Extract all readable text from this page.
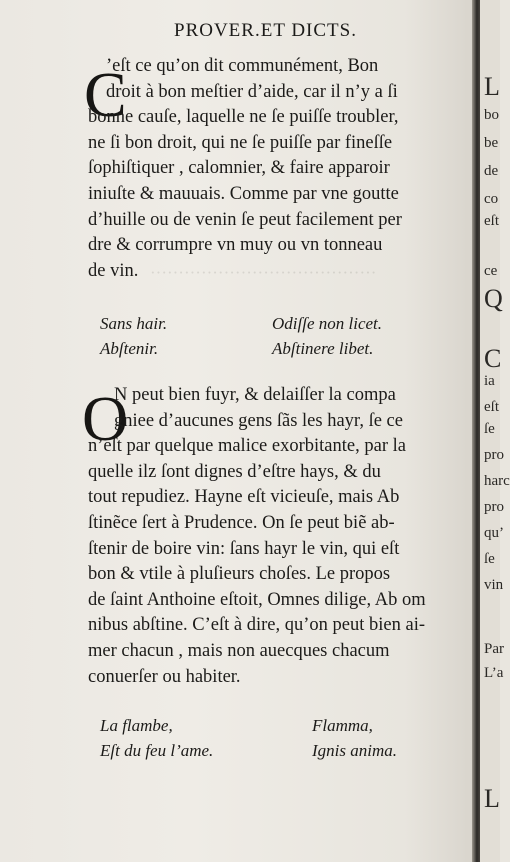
········································
PROVER.ET DICTS.
C
’eſt ce qu’on dit communément, Bon
droit à bon meſtier d’aide, car il n’y a ſi
bonne cauſe, laquelle ne ſe puiſſe troubler,
ne ſi bon droit, qui ne ſe puiſſe par fineſſe
ſophiſtiquer , calomnier, & faire apparoir
iniuſte & mauuais. Comme par vne goutte
d’huille ou de venin ſe peut facilement per
dre & corrumpre vn muy ou vn tonneau
de vin.
Sans hair.
Abſtenir.
Odiſſe non licet.
Abſtinere libet.
O
N peut bien fuyr, & delaiſſer la compa
gniee d’aucunes gens ſãs les hayr, ſe ce
n’eſt par quelque malice exorbitante, par la
quelle ilz ſont dignes d’eſtre hays, & du
tout repudiez. Hayne eſt vicieuſe, mais Ab
ſtinẽce ſert à Prudence. On ſe peut biẽ ab-
ſtenir de boire vin: ſans hayr le vin, qui eſt
bon & vtile à pluſieurs choſes. Le propos
de ſaint Anthoine eſtoit, Omnes dilige, Ab om
nibus abſtine. C’eſt à dire, qu’on peut bien ai-
mer chacun , mais non auecques chacum
conuerſer ou habiter.
La flambe,
Eſt du feu l’ame.
Flamma,
Ignis anima.
L
bo
be
de
co
eſt
ce
Q
C
ia
eſt
ſe
pro
harc
pro
qu’
ſe
vin
Par
L’a
L
